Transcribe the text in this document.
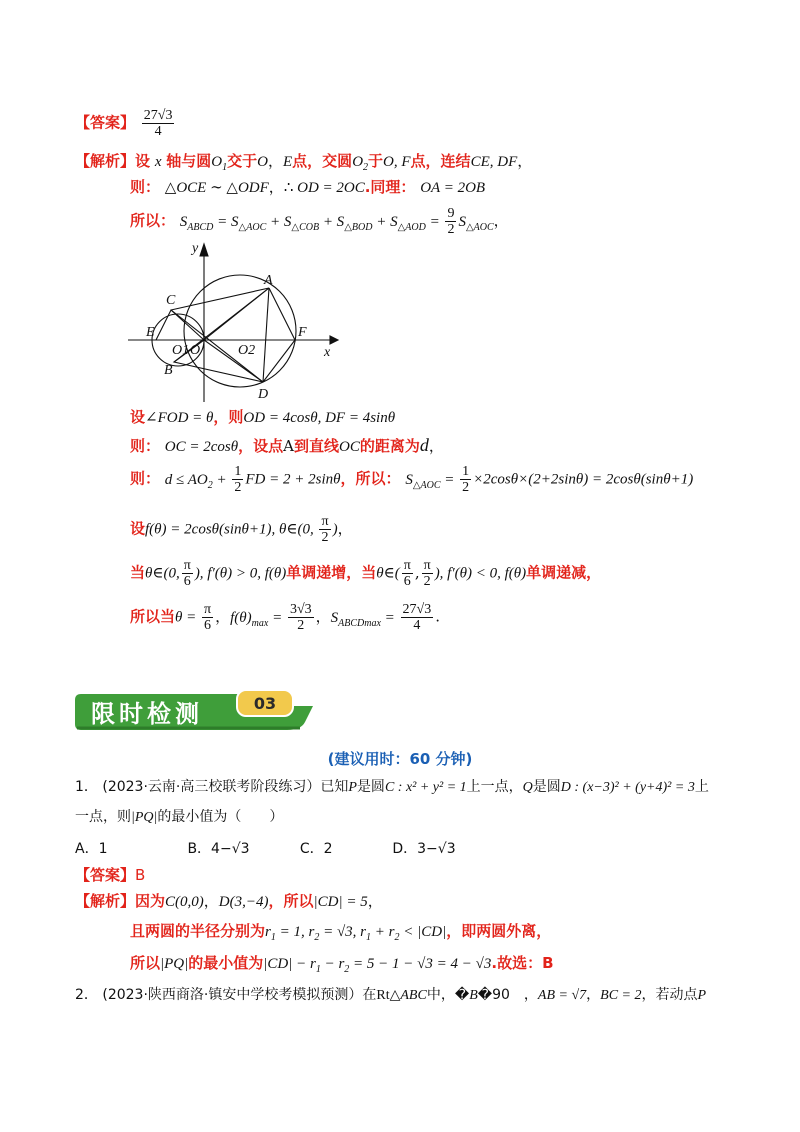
【答案】 $\frac{27√3}{4}$
【解析】设 x 轴与圆$O_1$交于O，E点，交圆$O_2$于O, F点，连结CE, DF，
则： △OCE ∼ △ODF，∴ OD = 2OC.同理： OA = 2OB
所以： $S_{ABCD} = S_{\triangle AOC} + S_{\triangle COB} + S_{\triangle BOD} + S_{\triangle AOD} = \frac{9}{2} S_{\triangle AOC}$，
y
x
A
C
E	F
O1 O	O2
B
D
设∠FOD = θ，则OD = 4cosθ, DF = 4sinθ
则： OC = 2cosθ，设点A到直线OC的距离为d，
则： $d \le AO_2 + \frac{1}{2}$ FD = 2 + 2sinθ，所以： $S_{\triangle AOC} = \frac{1}{2} \times 2\cos\theta\times(2+2\sin\theta) = 2\cos\theta(\sin\theta+1)$
设f(θ) = 2cosθ(sinθ+1), θ∈(0, $\frac{\pi}{2}$ )，
当θ∈(0, $\frac{\pi}{6}$ ), f′(θ) > 0, f(θ)单调递增，当θ∈( $\frac{\pi}{6}$ , $\frac{\pi}{2}$ ), f′(θ) < 0, f(θ)单调递减，
所以当$\theta = \frac{\pi}{6}$ ，$f(\theta)_{max} = \frac{3√3}{2}$ ，$S_{ABCDmax} = \frac{27√3}{4}$ .
限时检测	03
(建议用时：60 分钟)
1． (2023·云南·高三校联考阶段练习）已知P是圆C : x² + y² = 1上一点，Q是圆D : (x−3)² + (y+4)² = 3上
一点，则|PQ|的最小值为（　　）
A．1	B．4−√3	C．2	D．3−√3
【答案】B
【解析】因为C(0,0)，D(3,−4)，所以|CD| = 5，
且两圆的半径分别为$r_1 = 1$, $r_2 = √3$, $r_1 + r_2 < |CD|$，即两圆外离，
所以|PQ|的最小值为$|CD| - r_1 - r_2 = 5 - 1 - √3 = 4 - √3$.故选：B
2． (2023·陕西商洛·镇安中学校考模拟预测）在Rt△ABC中，�B�90　，AB = √7，BC = 2，若动点P
